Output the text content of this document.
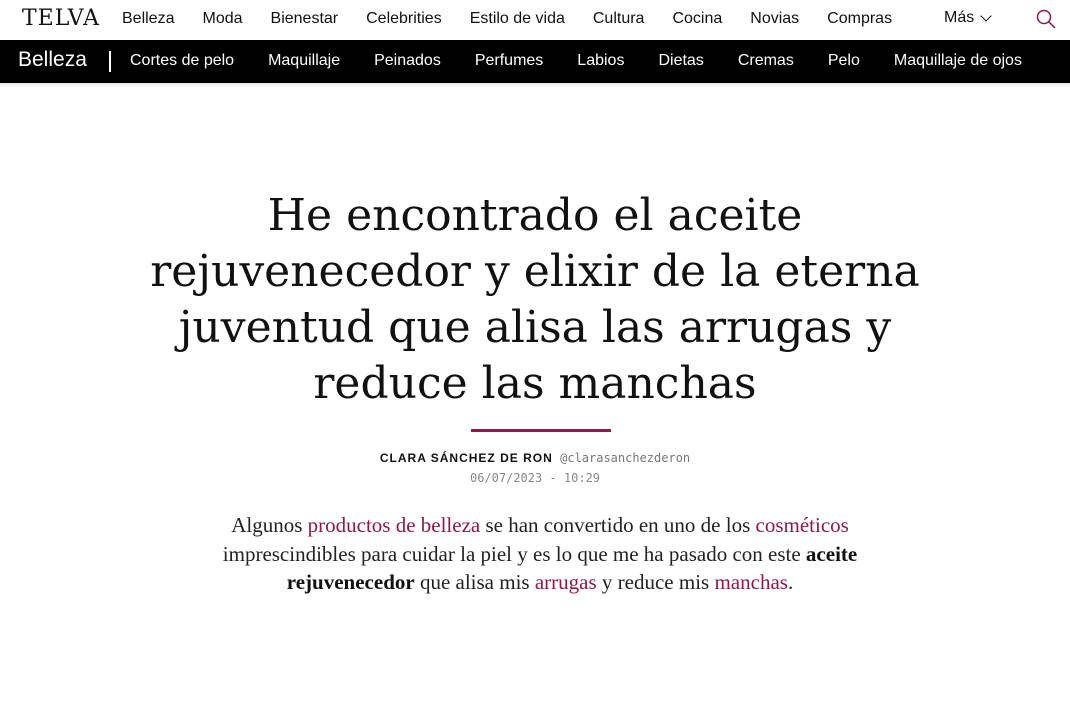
TELVA Belleza Moda Bienestar Celebrities Estilo de vida Cultura Cocina Novias Compras	Más
Belleza	Cortes de pelo Maquillaje Peinados Perfumes Labios Dietas Cremas Pelo Maquillaje de ojos
He encontrado el aceite rejuvenecedor y elixir de la eterna juventud que alisa las arrugas y reduce las manchas
CLARA SÁNCHEZ DE RON @clarasanchezderon
06/07/2023 - 10:29

Algunos productos de belleza se han convertido en uno de los cosméticos imprescindibles para cuidar la piel y es lo que me ha pasado con este aceite rejuvenecedor que alisa mis arrugas y reduce mis manchas.
